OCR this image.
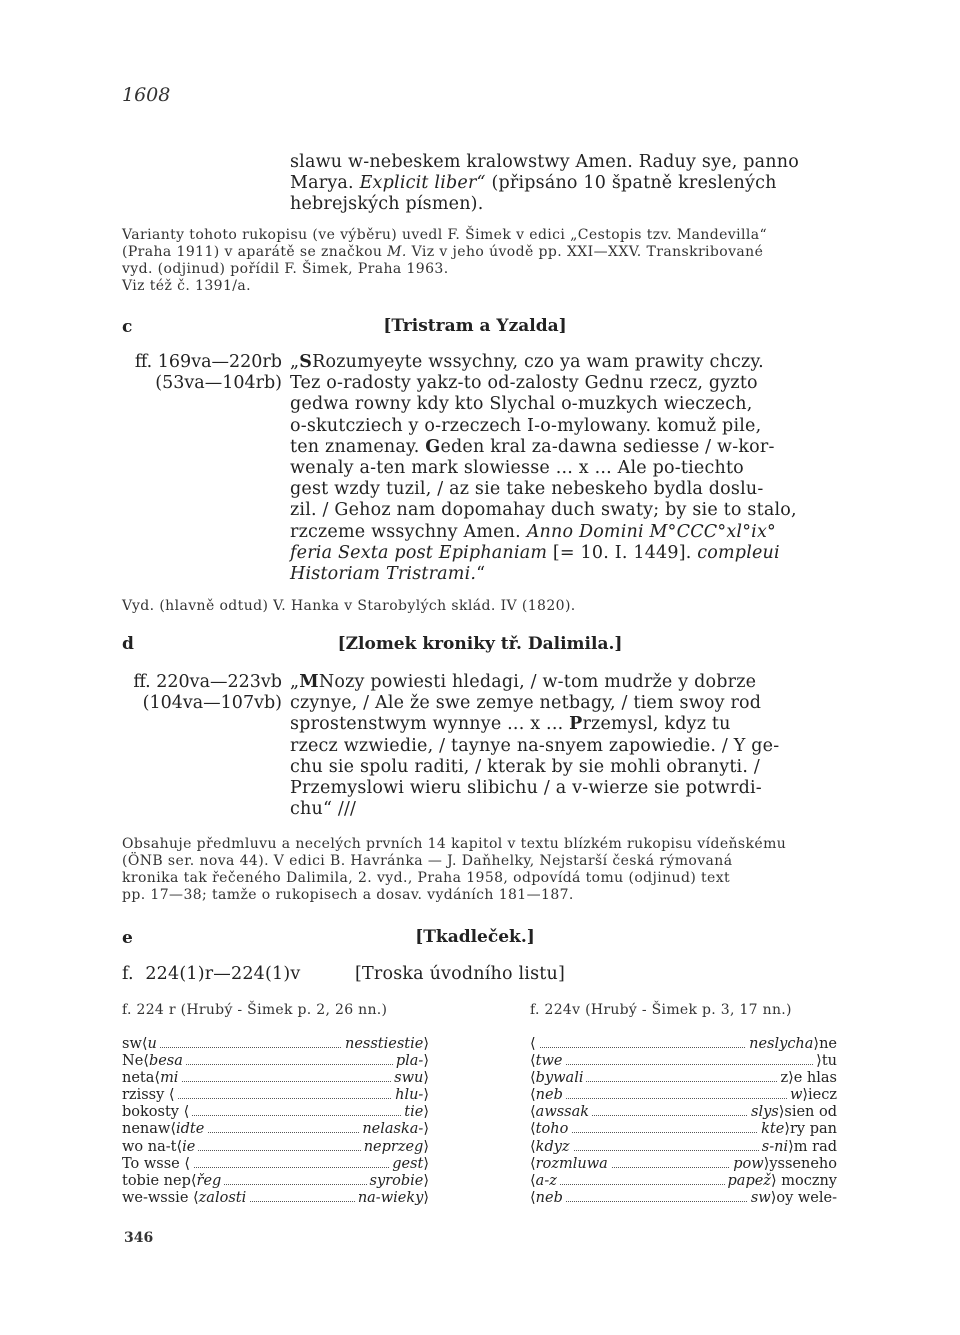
1608
slawu w-nebeskem kralowstwy Amen. Raduy sye, panno
Marya. Explicit liber“ (připsáno 10 špatně kreslených
hebrejských písmen).
Varianty tohoto rukopisu (ve výběru) uvedl F. Šimek v edici „Cestopis tzv. Mandevilla“
(Praha 1911) v aparátě se značkou M. Viz v jeho úvodě pp. XXI—XXV. Transkribované
vyd. (odjinud) pořídil F. Šimek, Praha 1963.
Viz též č. 1391/a.
c	[Tristram a Yzalda]
ff. 169va—220rb
(53va—104rb)
„SRozumyeyte wssychny, czo ya wam prawity chczy.
Tez o-radosty yakz-to od-zalosty Gednu rzecz, gyzto
gedwa rowny kdy kto Slychal o-muzkych wieczech,
o-skutcziech y o-rzeczech I-o-mylowany. komuž pile,
ten znamenay. Geden kral za-dawna sediesse / w-kor-
wenaly a-ten mark slowiesse ... x ... Ale po-tiechto
gest wzdy tuzil, / az sie take nebeskeho bydla doslu-
zil. / Gehoz nam dopomahay duch swaty; by sie to stalo,
rzczeme wssychny Amen. Anno Domini M°CCC°xl°ix°
feria Sexta post Epiphaniam [= 10. I. 1449]. compleui
Historiam Tristrami.“
Vyd. (hlavně odtud) V. Hanka v Starobylých sklád. IV (1820).
d	[Zlomek kroniky tř. Dalimila.]
ff. 220va—223vb
(104va—107vb)
„MNozy powiesti hledagi, / w-tom mudrže y dobrze
czynye, / Ale že swe zemye netbagy, / tiem swoy rod
sprostenstwym wynnye ... x ... Przemysl, kdyz tu
rzecz wzwiedie, / taynye na-snyem zapowiedie. / Y ge-
chu sie spolu raditi, / kterak by sie mohli obranyti. /
Przemyslowi wieru slibichu / a v-wierze sie potwrdi-
chu“ ///
Obsahuje předmluvu a necelých prvních 14 kapitol v textu blízkém rukopisu vídeňskému
(ÖNB ser. nova 44). V edici B. Havránka — J. Daňhelky, Nejstarší česká rýmovaná
kronika tak řečeného Dalimila, 2. vyd., Praha 1958, odpovídá tomu (odjinud) text
pp. 17—38; tamže o rukopisech a dosav. vydáních 181—187.
e	[Tkadleček.]
f.  224(1)r—224(1)v	[Troska úvodního listu]
f. 224 r (Hrubý - Šimek p. 2, 26 nn.)	f. 224v (Hrubý - Šimek p. 3, 17 nn.)
sw⟨u	nesstiestie⟩
Ne⟨besa	pla-⟩
neta⟨mi	swu⟩
rzissy ⟨	hlu-⟩
bokosty ⟨	tie⟩
nenaw⟨idte	nelaska-⟩
wo na-t⟨ie	neprzeg⟩
To wsse ⟨	gest⟩
tobie nep⟨řeg	syrobie⟩
we-wssie ⟨zalosti	na-wieky⟩
⟨	neslycha⟩ne
⟨twe	⟩tu
⟨bywali	z⟩e hlas
⟨neb	w⟩iecz
⟨awssak	slys⟩sien od
⟨toho	kte⟩ry pan
⟨kdyz	s-ni⟩m rad
⟨rozmluwa	pow⟩ysseneho
⟨a-z	papež⟩ moczny
⟨neb	sw⟩oy wele-
346
